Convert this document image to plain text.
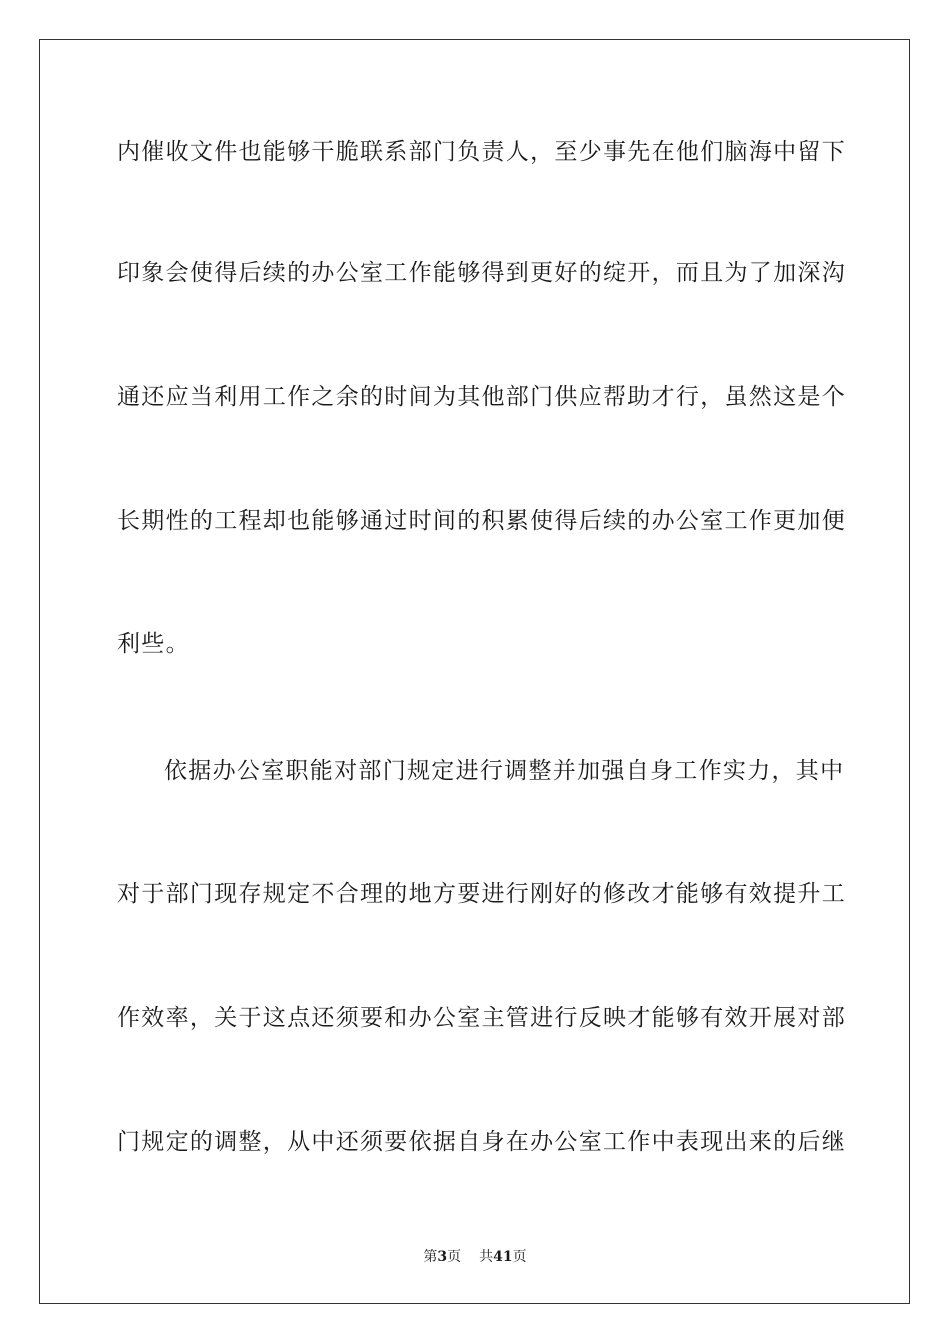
内催收文件也能够干脆联系部门负责人，至少事先在他们脑海中留下
印象会使得后续的办公室工作能够得到更好的绽开，而且为了加深沟
通还应当利用工作之余的时间为其他部门供应帮助才行，虽然这是个
长期性的工程却也能够通过时间的积累使得后续的办公室工作更加便
利些。
依据办公室职能对部门规定进行调整并加强自身工作实力，其中
对于部门现存规定不合理的地方要进行刚好的修改才能够有效提升工
作效率，关于这点还须要和办公室主管进行反映才能够有效开展对部
门规定的调整，从中还须要依据自身在办公室工作中表现出来的后继
第3页 共41页
